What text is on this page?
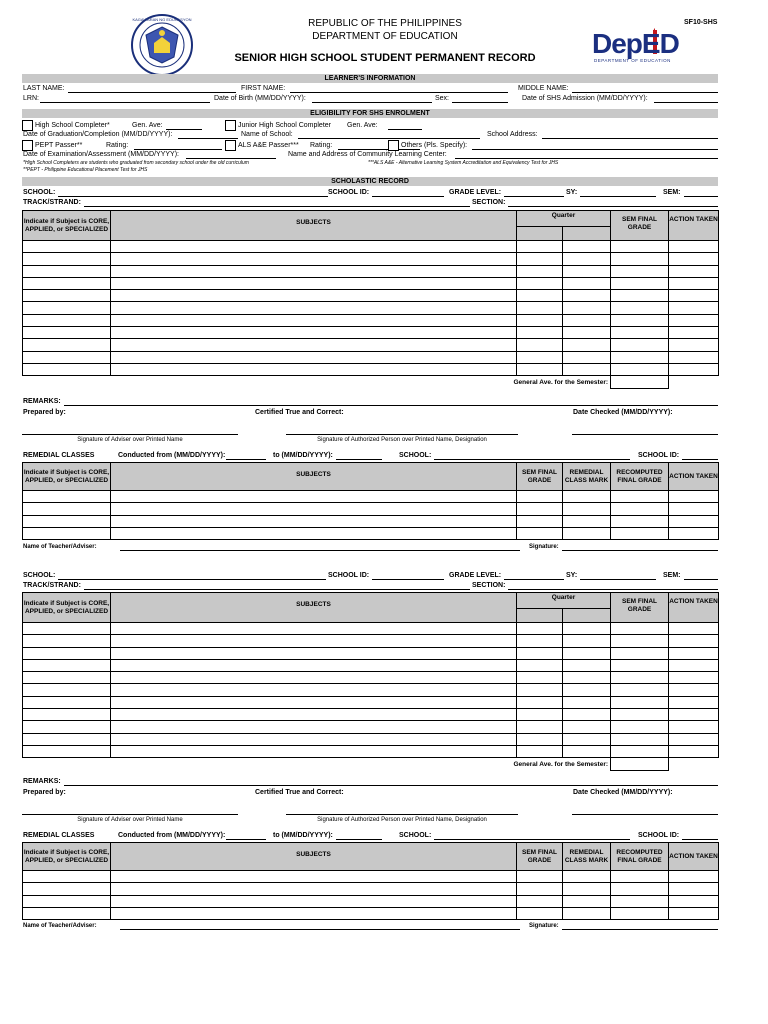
KAGAWARAN NG EDUKASYON	REPUBLIC OF THE PHILIPPINES
DEPARTMENT OF EDUCATION
SENIOR HIGH SCHOOL STUDENT PERMANENT RECORD
SF10-SHS
DepED
DEPARTMENT OF EDUCATION
LEARNER'S INFORMATION
LAST NAME:	FIRST NAME:	MIDDLE NAME:
LRN:	Date of Birth (MM/DD/YYYY):	Sex:	Date of SHS Admission (MM/DD/YYYY):
ELIGIBILITY FOR SHS ENROLMENT
High School Completer*	Gen. Ave:	Junior High School Completer Gen. Ave:
Date of Graduation/Completion (MM/DD/YYYY):	Name of School:	School Address:
PEPT Passer**	Rating:	ALS A&E Passer*** Rating:	Others (Pls. Specify):
Date of Examination/Assessment (MM/DD/YYYY):	Name and Address of Community Learning Center:
*High School Completers are students who graduated from secondary school under the old curriculum	***ALS A&E - Alternative Learning System Accreditation and Equivalency Test for JHS
**PEPT - Philippine Educational Placement Test for JHS
SCHOLASTIC RECORD
SCHOOL:	SCHOOL ID:	GRADE LEVEL:	SY:	SEM:
TRACK/STRAND:	SECTION:
Indicate if Subject is CORE, APPLIED, or SPECIALIZED	SUBJECTS	Quarter		SEM FINAL GRADE	ACTION TAKEN

General Ave. for the Semester:					
REMARKS:
Prepared by:	Certified True and Correct:	Date Checked (MM/DD/YYYY):
Signature of Adviser over Printed Name	Signature of Authorized Person over Printed Name, Designation
REMEDIAL CLASSES	Conducted from (MM/DD/YYYY):	to (MM/DD/YYYY):	SCHOOL:	SCHOOL ID:
Indicate if Subject is CORE, APPLIED, or SPECIALIZED	SUBJECTS	SEM FINAL GRADE	REMEDIAL CLASS MARK	RECOMPUTED FINAL GRADE	ACTION TAKEN

Name of Teacher/Adviser:	Signature:
SCHOOL:	SCHOOL ID:	GRADE LEVEL:	SY:	SEM:
TRACK/STRAND:	SECTION:
Indicate if Subject is CORE, APPLIED, or SPECIALIZED	SUBJECTS	Quarter		SEM FINAL GRADE	ACTION TAKEN

General Ave. for the Semester:					
REMARKS:
Prepared by:	Certified True and Correct:	Date Checked (MM/DD/YYYY):
Signature of Adviser over Printed Name	Signature of Authorized Person over Printed Name, Designation
REMEDIAL CLASSES	Conducted from (MM/DD/YYYY):	to (MM/DD/YYYY):	SCHOOL:	SCHOOL ID:
Indicate if Subject is CORE, APPLIED, or SPECIALIZED	SUBJECTS	SEM FINAL GRADE	REMEDIAL CLASS MARK	RECOMPUTED FINAL GRADE	ACTION TAKEN

Name of Teacher/Adviser:	Signature:
